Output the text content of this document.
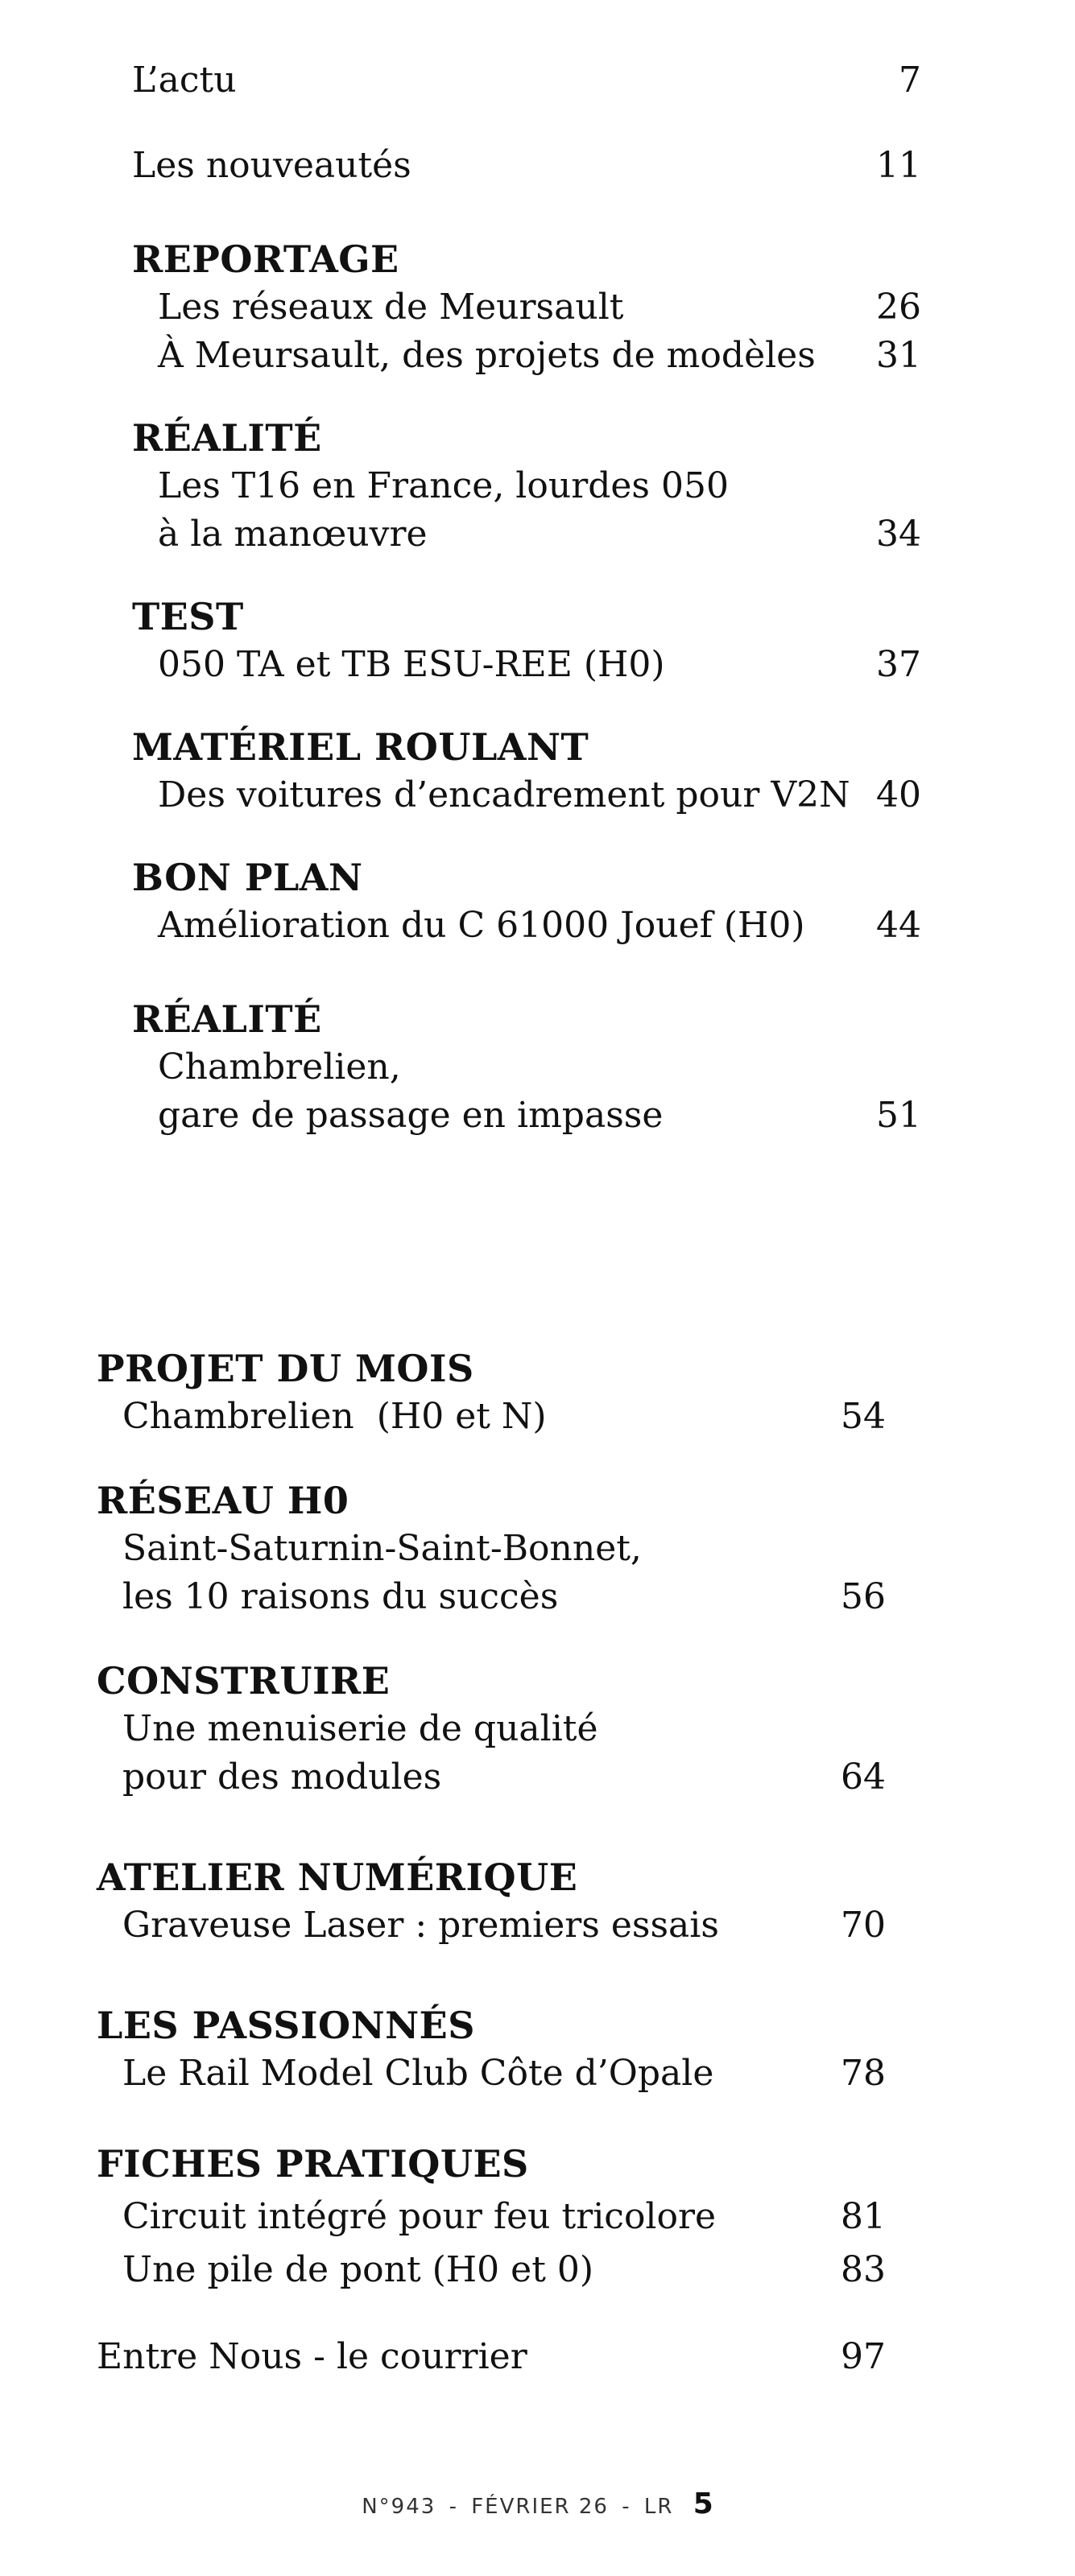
L’actu	7
Les nouveautés	11
REPORTAGE
Les réseaux de Meursault	26
À Meursault, des projets de modèles 31
RÉALITÉ
Les T16 en France, lourdes 050
à la manœuvre	34
TEST
050 TA et TB ESU-REE (H0)	37
MATÉRIEL ROULANT
Des voitures d’encadrement pour V2N 40
BON PLAN
Amélioration du C 61000 Jouef (H0) 44
RÉALITÉ
Chambrelien,
gare de passage en impasse	51
PROJET DU MOIS
Chambrelien  (H0 et N)	54
RÉSEAU H0
Saint-Saturnin-Saint-Bonnet,
les 10 raisons du succès	56
CONSTRUIRE
Une menuiserie de qualité
pour des modules	64
ATELIER NUMÉRIQUE
Graveuse Laser : premiers essais	70
LES PASSIONNÉS
Le Rail Model Club Côte d’Opale	78
FICHES PRATIQUES
Circuit intégré pour feu tricolore	81
Une pile de pont (H0 et 0)	83
Entre Nous - le courrier	97
N°943 - FÉVRIER 26 - LR 5
